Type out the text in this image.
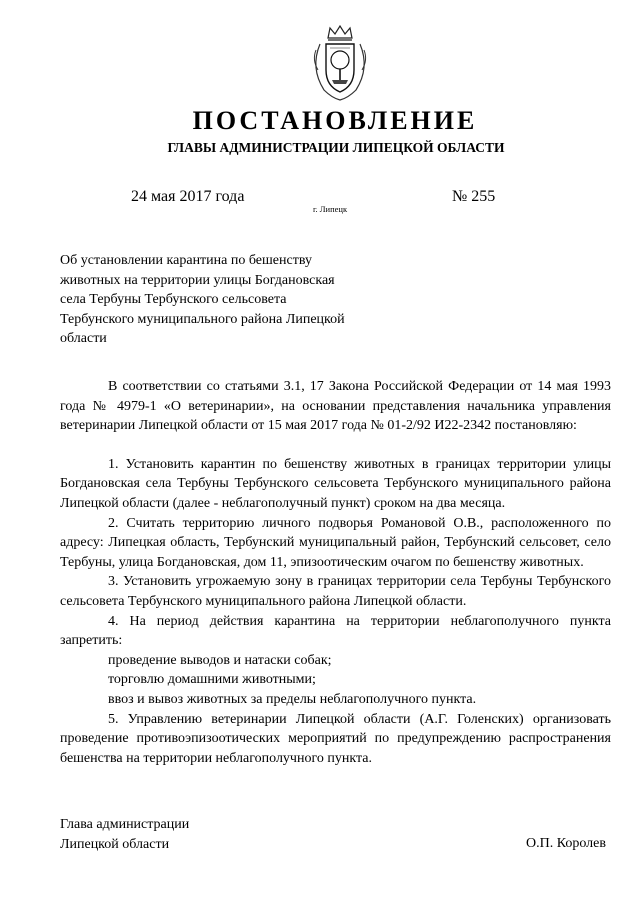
ПОСТАНОВЛЕНИЕ
ГЛАВЫ АДМИНИСТРАЦИИ ЛИПЕЦКОЙ ОБЛАСТИ
24 мая 2017 года
г. Липецк
№ 255

Об установлении карантина по бешенству животных на территории улицы Богдановская села Тербуны Тербунского сельсовета Тербунского муниципального района Липецкой области

В соответствии со статьями 3.1, 17 Закона Российской Федерации от 14 мая 1993 года № 4979-1 «О ветеринарии», на основании представления начальника управления ветеринарии Липецкой области от 15 мая 2017 года № 01-2/92 И22-2342 постановляю:

1. Установить карантин по бешенству животных в границах территории улицы Богдановская села Тербуны Тербунского сельсовета Тербунского муниципального района Липецкой области (далее - неблагополучный пункт) сроком на два месяца.

2. Считать территорию личного подворья Романовой О.В., расположенного по адресу: Липецкая область, Тербунский муниципальный район, Тербунский сельсовет, село Тербуны, улица Богдановская, дом 11, эпизоотическим очагом по бешенству животных.

3. Установить угрожаемую зону в границах территории села Тербуны Тербунского сельсовета Тербунского муниципального района Липецкой области.

4. На период действия карантина на территории неблагополучного пункта запретить:

проведение выводов и натаски собак;

торговлю домашними животными;

ввоз и вывоз животных за пределы неблагополучного пункта.

5. Управлению ветеринарии Липецкой области (А.Г. Голенских) организовать проведение противоэпизоотических мероприятий по предупреждению распространения бешенства на территории неблагополучного пункта.

Глава администрации
Липецкой области	О.П. Королев
